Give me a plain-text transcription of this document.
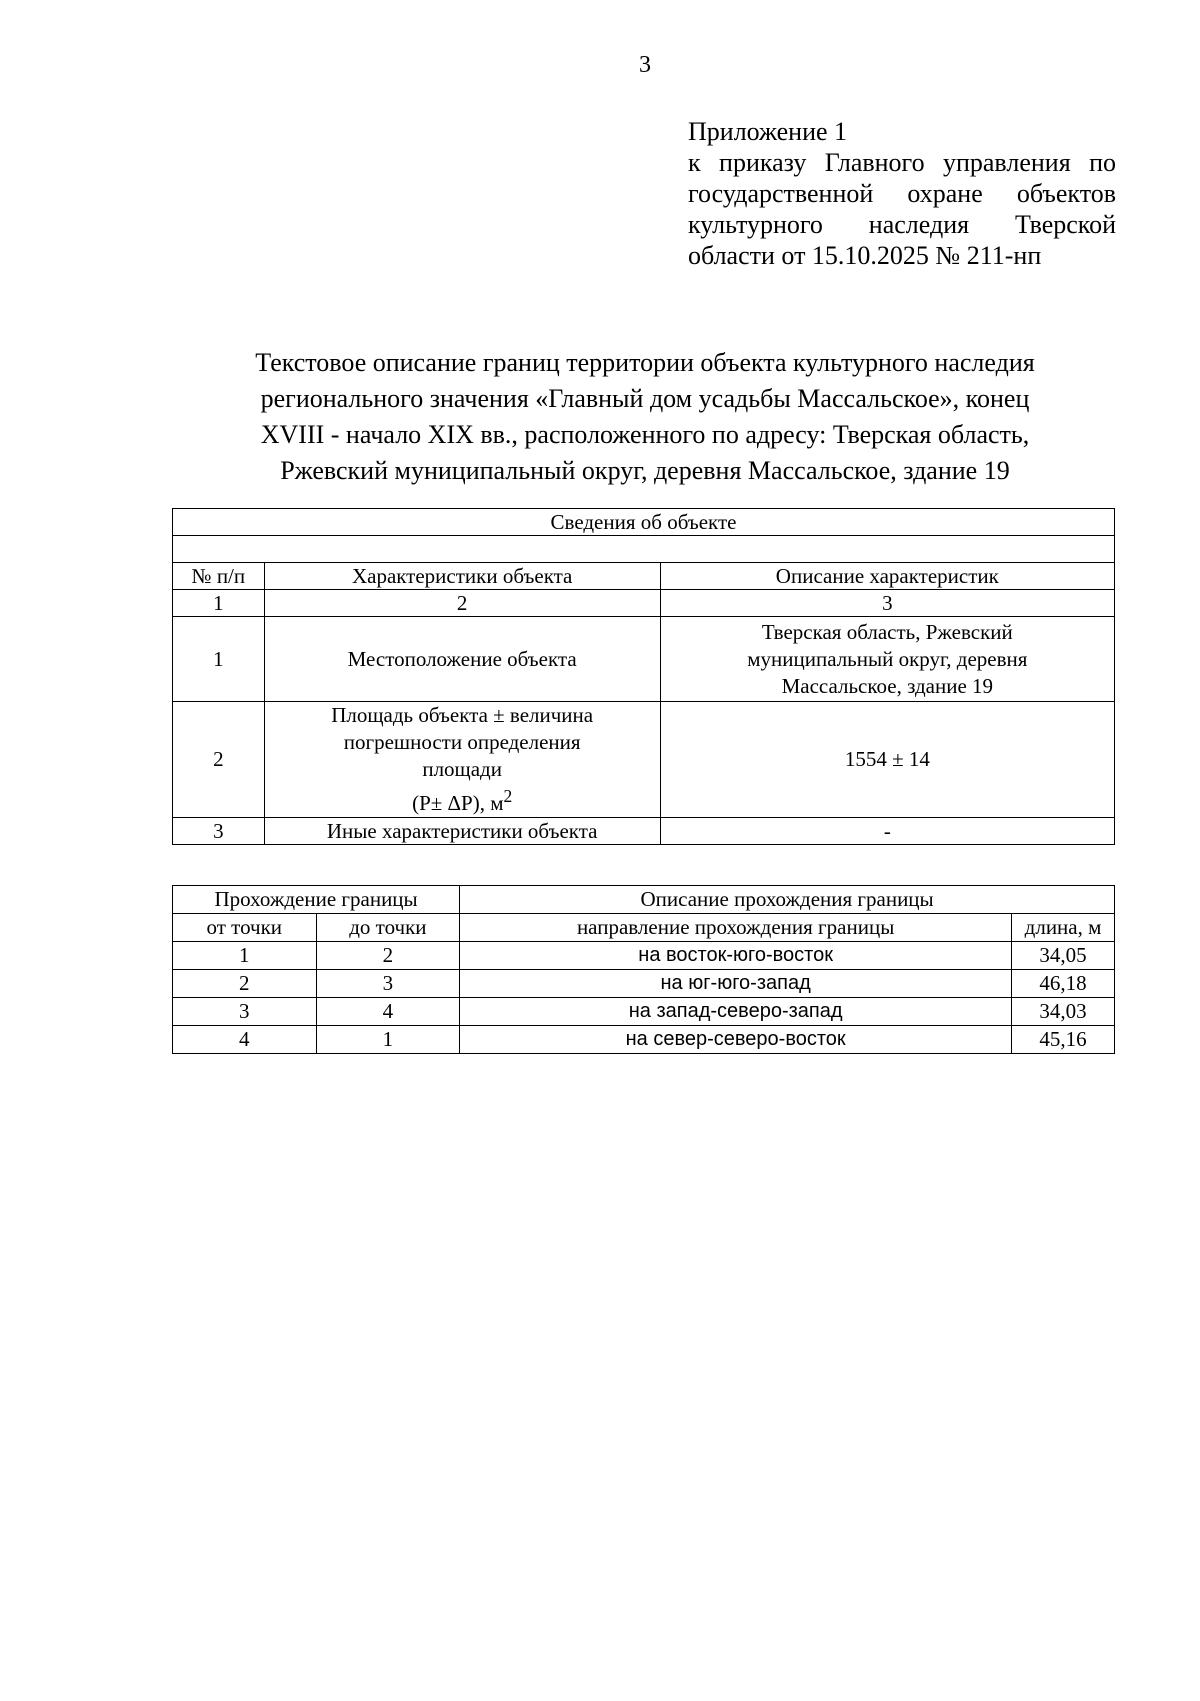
3
Приложение 1
к приказу Главного управления по
государственной охране объектов
культурного наследия Тверской
области от 15.10.2025 № 211-нп
Текстовое описание границ территории объекта культурного наследия
регионального значения «Главный дом усадьбы Массальское», конец
XVIII - начало XIX вв., расположенного по адресу: Тверская область,
Ржевский муниципальный округ, деревня Массальское, здание 19
Сведения об объекте		

№ п/п	Характеристики объекта	Описание характеристик
1	2	3
1	Местоположение объекта	Тверская область, Ржевский
муниципальный округ, деревня
Массальское, здание 19
2	Площадь объекта ± величина
погрешности определения
площади
(P± ΔP), $м^2$	1554 ± 14
3	Иные характеристики объекта	-
Прохождение границы		Описание прохождения границы	
от точки	до точки	направление прохождения границы	длина, м
1	2	на восток-юго-восток	34,05
2	3	на юг-юго-запад	46,18
3	4	на запад-северо-запад	34,03
4	1	на север-северо-восток	45,16
